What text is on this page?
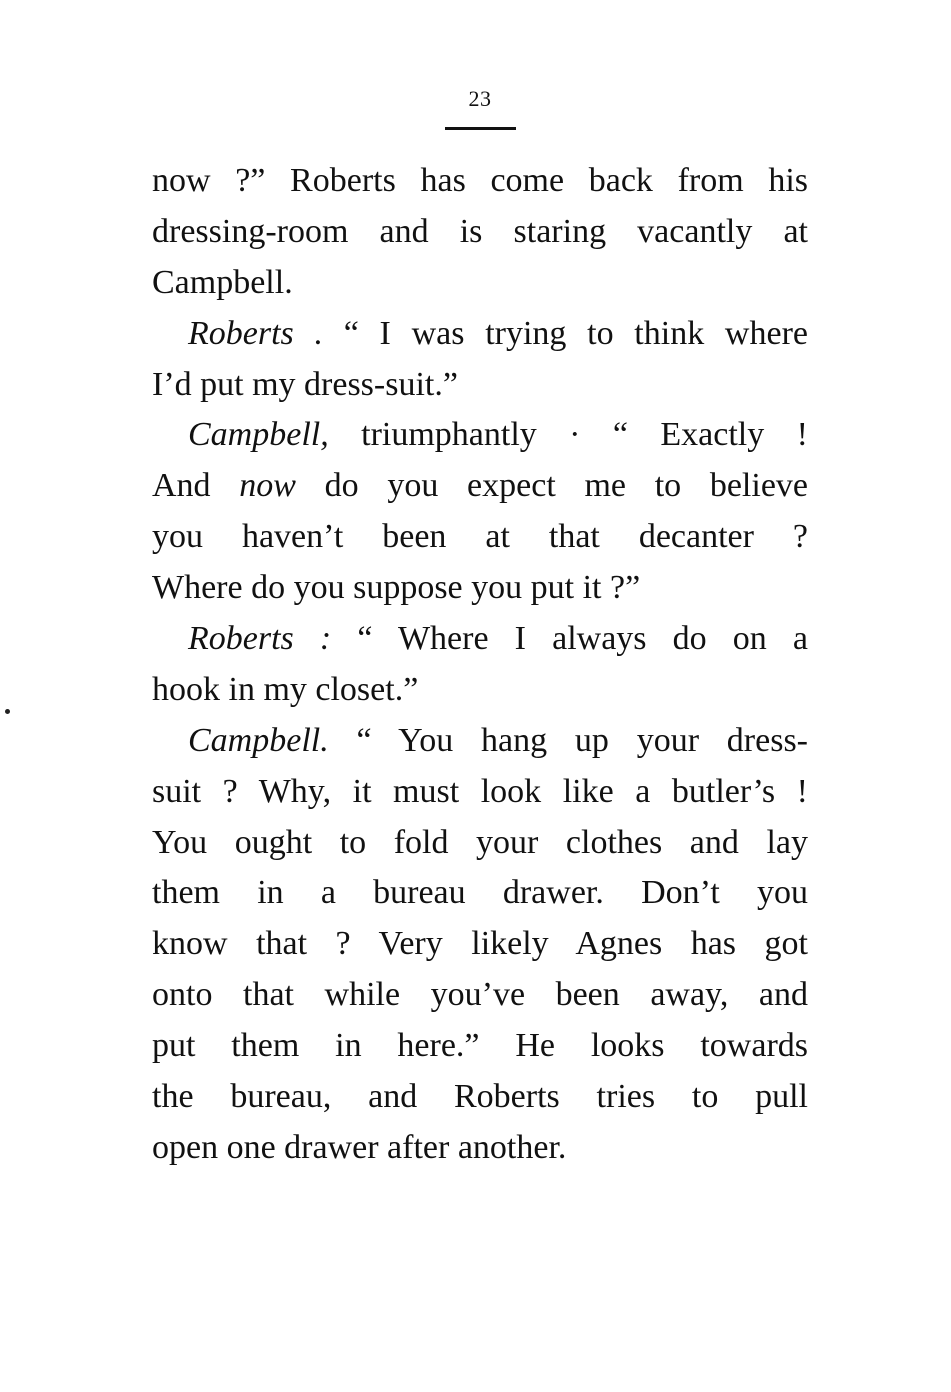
23
now ?” Roberts has come back from his
dressing-room and is staring vacantly at
Campbell.
Roberts . “ I was trying to think where
I’d put my dress-suit.”
Campbell, triumphantly · “ Exactly !
And now do you expect me to believe
you haven’t been at that decanter ?
Where do you suppose you put it ?”
Roberts : “ Where I always do on a
hook in my closet.”
Campbell. “ You hang up your dress-
suit ? Why, it must look like a butler’s !
You ought to fold your clothes and lay
them in a bureau drawer. Don’t you
know that ? Very likely Agnes has got
onto that while you’ve been away, and
put them in here.” He looks towards
the bureau, and Roberts tries to pull
open one drawer after another.
